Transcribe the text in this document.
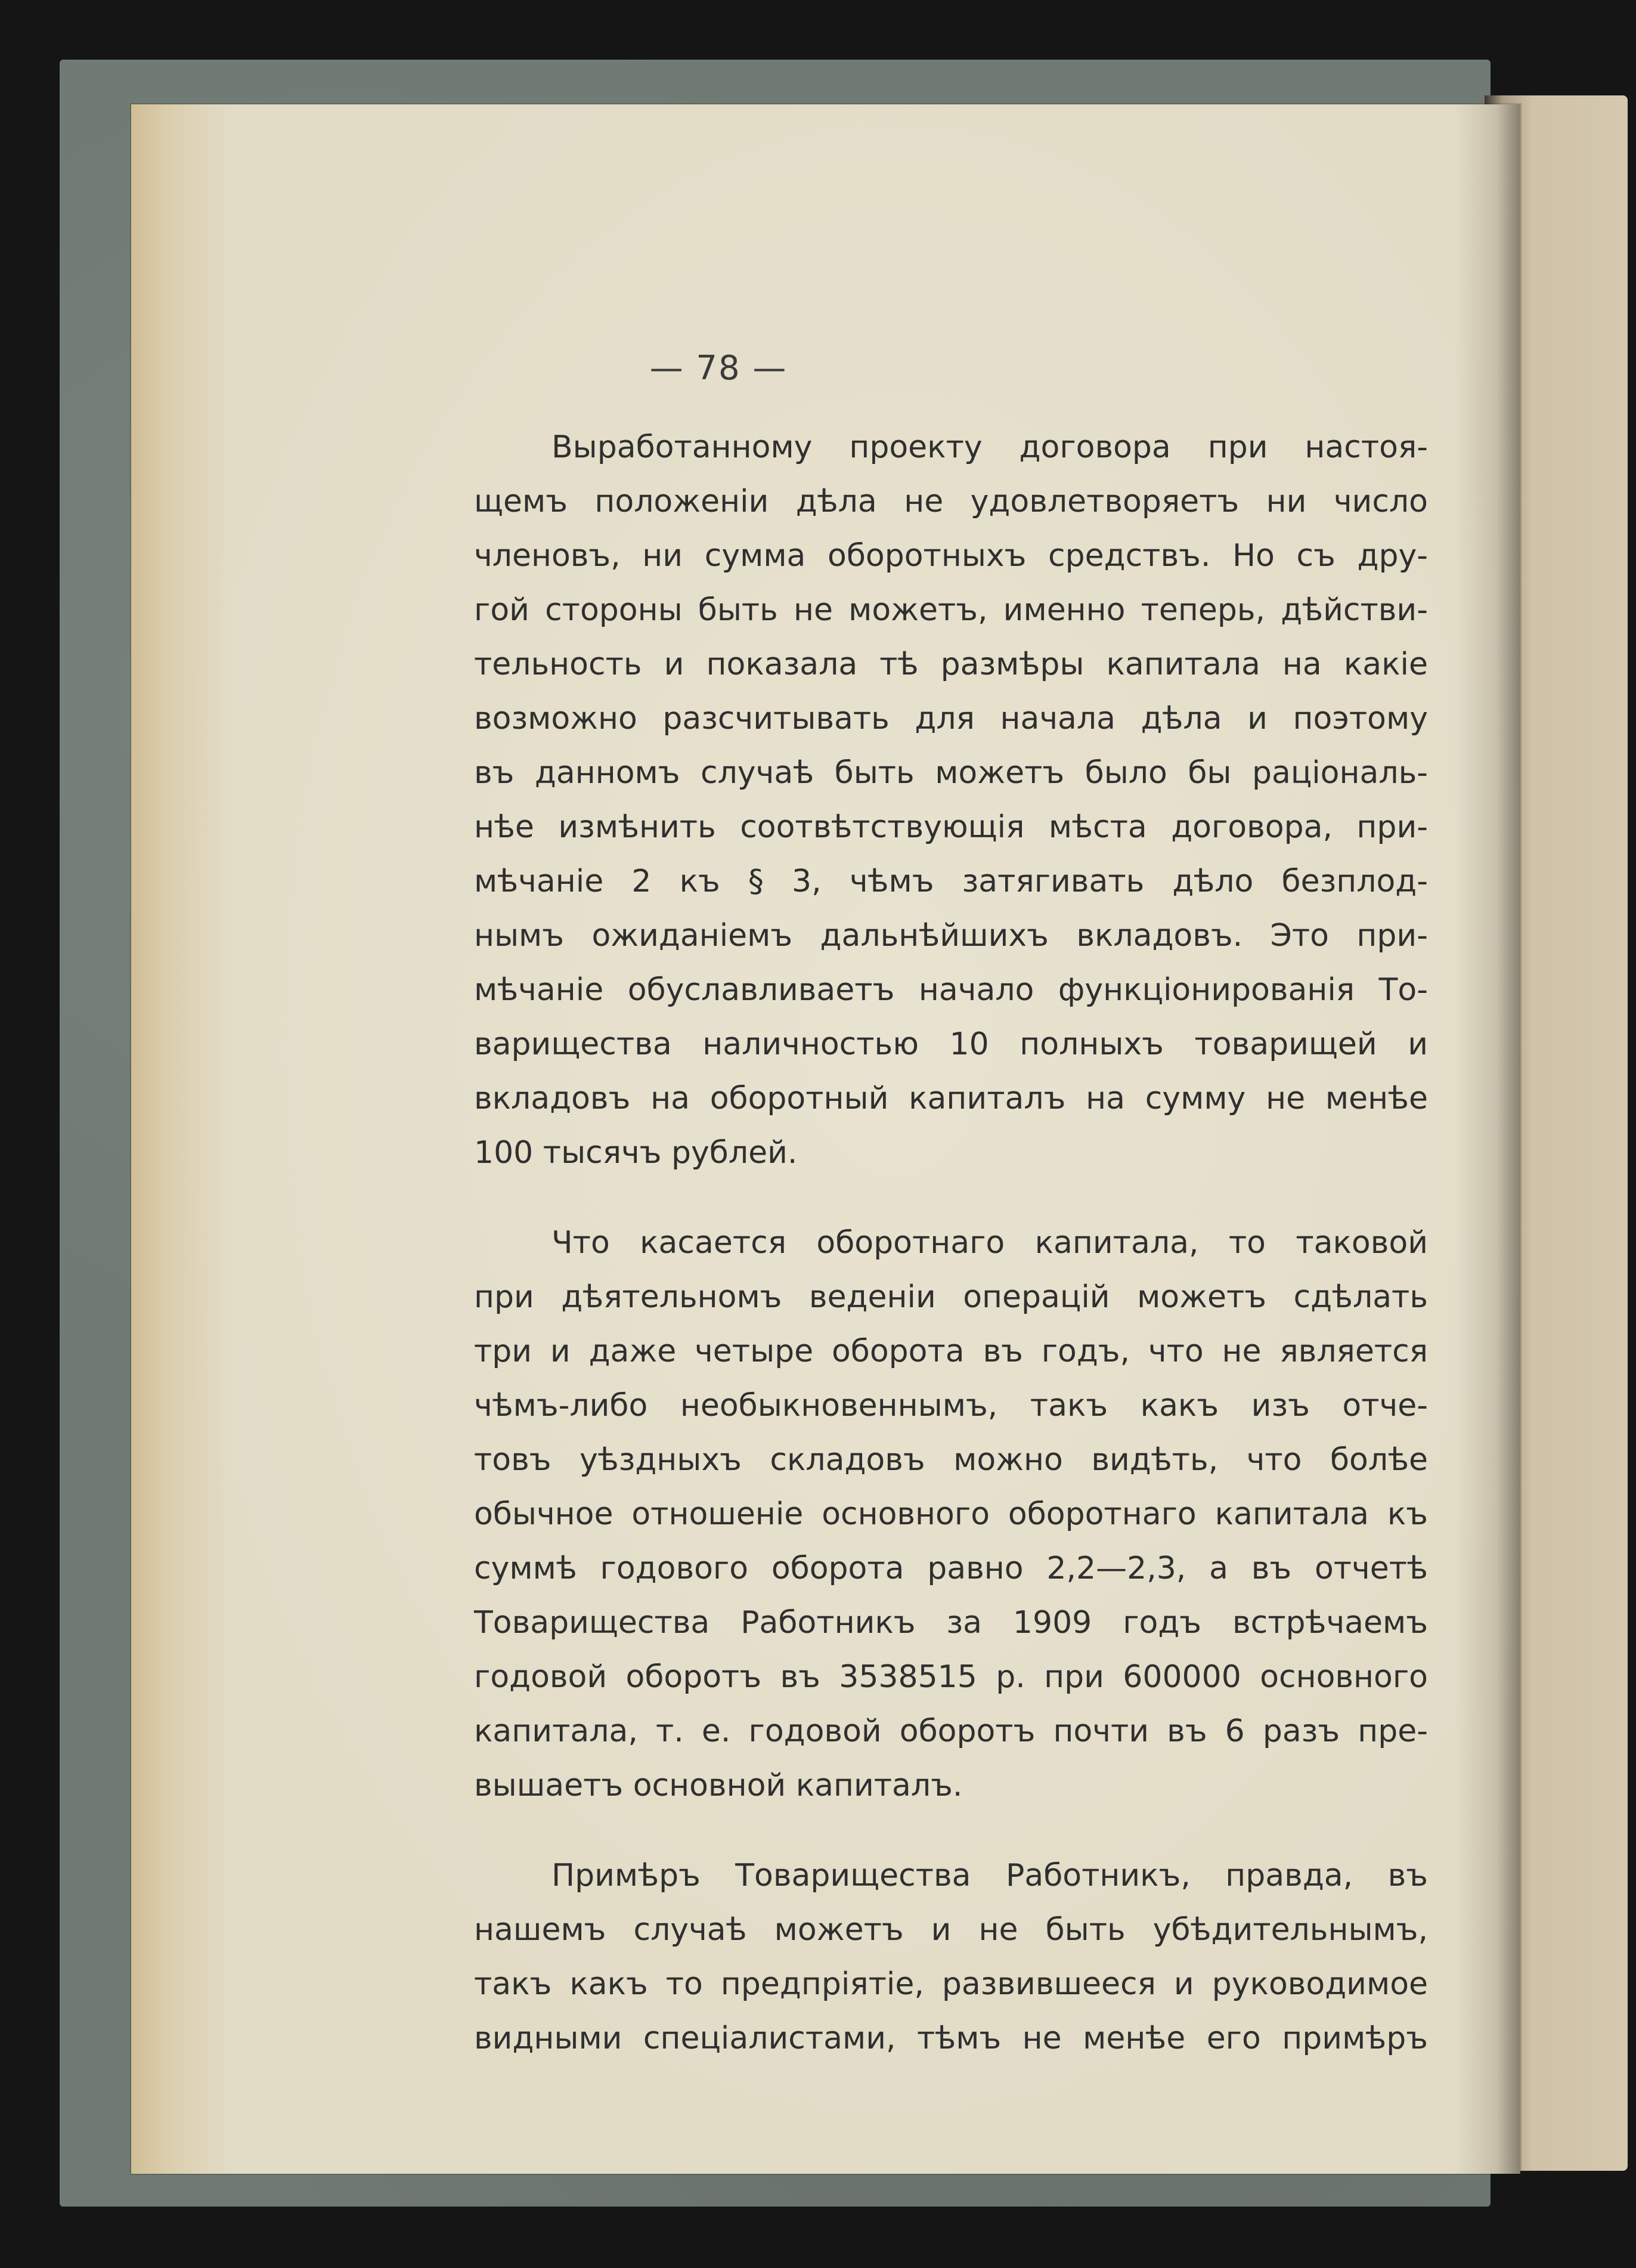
— 78 —

Выработанному проекту договора при настоя-
щемъ положеніи дѣла не удовлетворяетъ ни число
членовъ, ни сумма оборотныхъ средствъ. Но съ дру-
гой стороны быть не можетъ, именно теперь, дѣйстви-
тельность и показала тѣ размѣры капитала на какіе
возможно разсчитывать для начала дѣла и поэтому
въ данномъ случаѣ быть можетъ было бы раціональ-
нѣе измѣнить соотвѣтствующія мѣста договора, при-
мѣчаніе 2 къ § 3, чѣмъ затягивать дѣло безплод-
нымъ ожиданіемъ дальнѣйшихъ вкладовъ. Это при-
мѣчаніе обуславливаетъ начало функціонированія То-
варищества наличностью 10 полныхъ товарищей и
вкладовъ на оборотный капиталъ на сумму не менѣе
100 тысячъ рублей.

Что касается оборотнаго капитала, то таковой
при дѣятельномъ веденіи операцій можетъ сдѣлать
три и даже четыре оборота въ годъ, что не является
чѣмъ-либо необыкновеннымъ, такъ какъ изъ отче-
товъ уѣздныхъ складовъ можно видѣть, что болѣе
обычное отношеніе основного оборотнаго капитала къ
суммѣ годового оборота равно 2,2—2,3, а въ отчетѣ
Товарищества Работникъ за 1909 годъ встрѣчаемъ
годовой оборотъ въ 3538515 р. при 600000 основного
капитала, т. е. годовой оборотъ почти въ 6 разъ пре-
вышаетъ основной капиталъ.

Примѣръ Товарищества Работникъ, правда, въ
нашемъ случаѣ можетъ и не быть убѣдительнымъ,
такъ какъ то предпріятіе, развившееся и руководимое
видными спеціалистами, тѣмъ не менѣе его примѣръ
